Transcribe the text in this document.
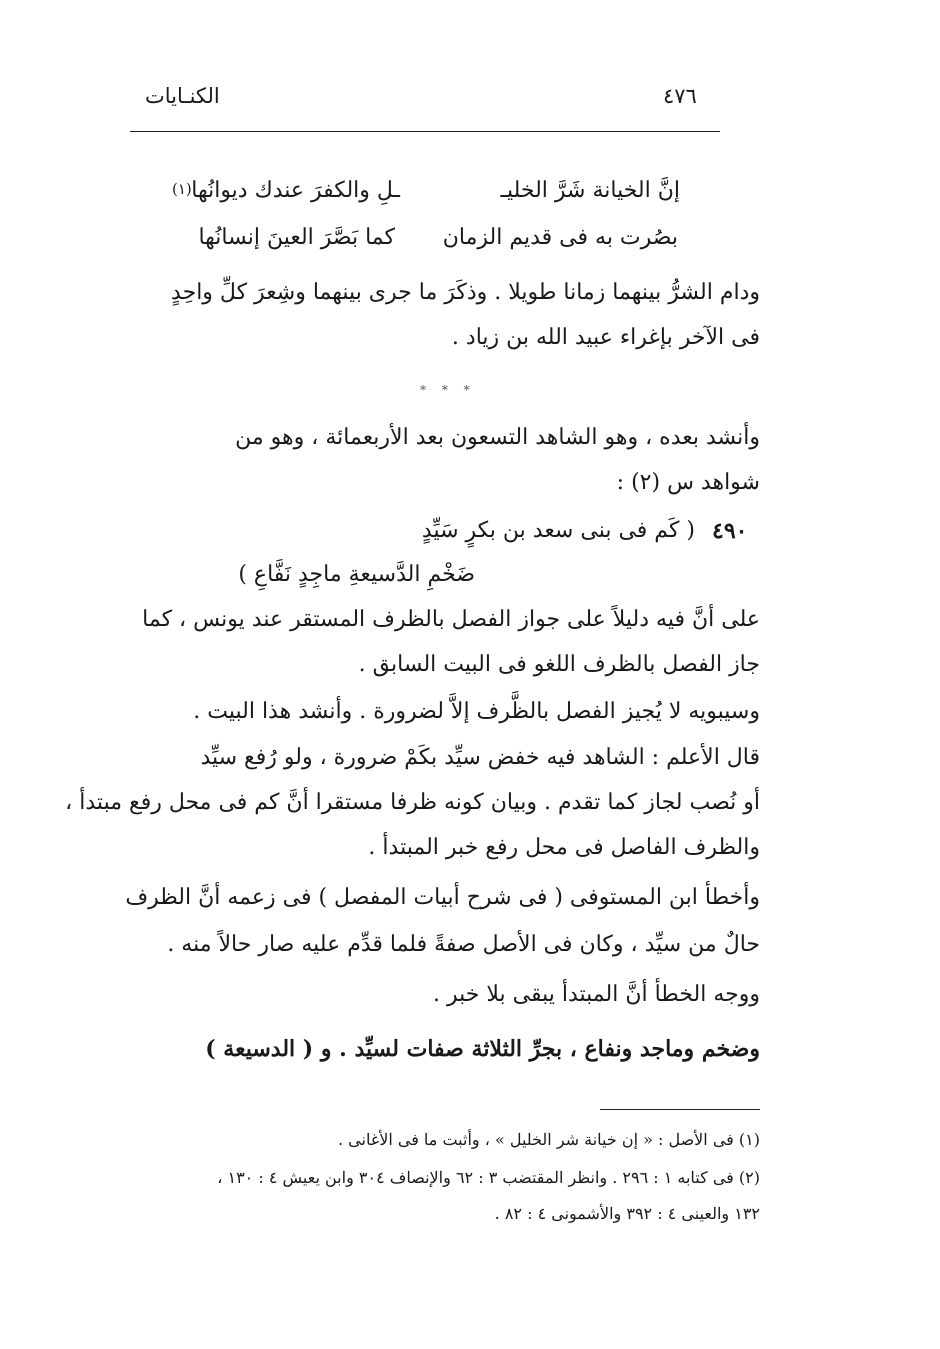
الكنـايات	٤٧٦
إنَّ الخيانة شَرَّ الخليـ
ـلِ والكفرَ عندك ديوانُها
(١)
بصُرت به فى قديم الزمان
كما بَصَّرَ العينَ إنسانُها
ودام الشرُّ بينهما زمانا طويلا . وذكَرَ ما جرى بينهما وشِعرَ كلِّ واحِدٍ
فى الآخر بإغراء عبيد الله بن زياد .
* * *
وأنشد بعده ، وهو الشاهد التسعون بعد الأربعمائة ، وهو من
شواهد س (٢) :
٤٩٠
( كَم فى بنى سعد بن بكرٍ سَيِّدٍ
ضَخْمِ الدَّسيعةِ ماجِدٍ نَفَّاعِ )
على أنَّ فيه دليلاً على جواز الفصل بالظرف المستقر عند يونس ، كما
جاز الفصل بالظرف اللغو فى البيت السابق .
وسيبويه لا يُجيز الفصل بالظَّرف إلاَّ لضرورة . وأنشد هذا البيت .
قال الأعلم : الشاهد فيه خفض سيِّد بكَمْ ضرورة ، ولو رُفع سيِّد
أو نُصب لجاز كما تقدم . وبيان كونه ظرفا مستقرا أنَّ كم فى محل رفع مبتدأ ،
والظرف الفاصل فى محل رفع خبر المبتدأ .
وأخطأ ابن المستوفى ( فى شرح أبيات المفصل ) فى زعمه أنَّ الظرف
حالٌ من سيِّد ، وكان فى الأصل صفةً فلما قدِّم عليه صار حالاً منه .
ووجه الخطأ أنَّ المبتدأ يبقى بلا خبر .
وضخم وماجد ونفاع ، بجرِّ الثلاثة صفات لسيِّد . و ( الدسيعة )
(١) فى الأصل : « إن خيانة شر الخليل » ، وأثبت ما فى الأغانى .
(٢) فى كتابه ١ : ٢٩٦ . وانظر المقتضب ٣ : ٦٢ والإنصاف ٣٠٤ وابن يعيش ٤ : ١٣٠ ،
١٣٢ والعينى ٤ : ٣٩٢ والأشمونى ٤ : ٨٢ .
